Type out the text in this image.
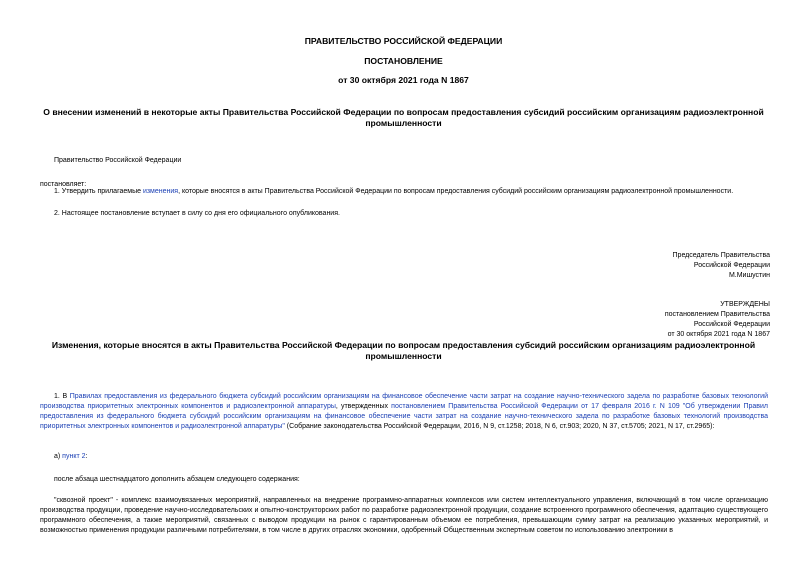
ПРАВИТЕЛЬСТВО РОССИЙСКОЙ ФЕДЕРАЦИИ
ПОСТАНОВЛЕНИЕ
от 30 октября 2021 года N 1867
О внесении изменений в некоторые акты Правительства Российской Федерации по вопросам предоставления субсидий российским организациям радиоэлектронной промышленности
Правительство Российской Федерации
постановляет:
1. Утвердить прилагаемые изменения, которые вносятся в акты Правительства Российской Федерации по вопросам предоставления субсидий российским организациям радиоэлектронной промышленности.
2. Настоящее постановление вступает в силу со дня его официального опубликования.
Председатель Правительства
Российской Федерации
М.Мишустин
УТВЕРЖДЕНЫ
постановлением Правительства
Российской Федерации
от 30 октября 2021 года N 1867
Изменения, которые вносятся в акты Правительства Российской Федерации по вопросам предоставления субсидий российским организациям радиоэлектронной промышленности
1. В Правилах предоставления из федерального бюджета субсидий российским организациям на финансовое обеспечение части затрат на создание научно-технического задела по разработке базовых технологий производства приоритетных электронных компонентов и радиоэлектронной аппаратуры, утвержденных постановлением Правительства Российской Федерации от 17 февраля 2016 г. N 109 "Об утверждении Правил предоставления из федерального бюджета субсидий российским организациям на финансовое обеспечение части затрат на создание научно-технического задела по разработке базовых технологий производства приоритетных электронных компонентов и радиоэлектронной аппаратуры" (Собрание законодательства Российской Федерации, 2016, N 9, ст.1258; 2018, N 6, ст.903; 2020, N 37, ст.5705; 2021, N 17, ст.2965):
а) пункт 2:
после абзаца шестнадцатого дополнить абзацем следующего содержания:
"сквозной проект" - комплекс взаимоувязанных мероприятий, направленных на внедрение программно-аппаратных комплексов или систем интеллектуального управления, включающий в том числе организацию производства продукции, проведение научно-исследовательских и опытно-конструкторских работ по разработке радиоэлектронной продукции, создание встроенного программного обеспечения, адаптацию существующего программного обеспечения, а также мероприятий, связанных с выводом продукции на рынок с гарантированным объемом ее потребления, превышающим сумму затрат на реализацию указанных мероприятий, и возможностью применения продукции различными потребителями, в том числе в других отраслях экономики, одобренный Общественным экспертным советом по использованию электроники в
